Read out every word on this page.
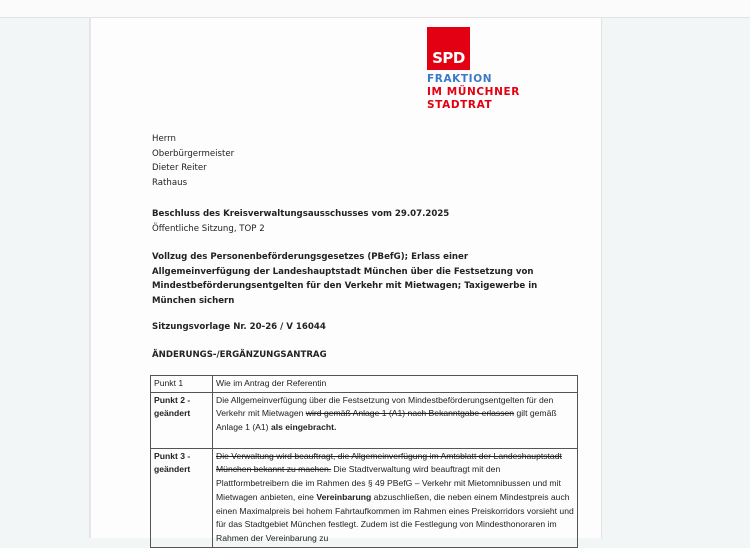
SPD
FRAKTION
IM MÜNCHNER
STADTRAT
Herrn
Oberbürgermeister
Dieter Reiter
Rathaus
Beschluss des Kreisverwaltungsausschusses vom 29.07.2025
Öffentliche Sitzung, TOP 2
Vollzug des Personenbeförderungsgesetzes (PBefG); Erlass einer
Allgemeinverfügung der Landeshauptstadt München über die Festsetzung von
Mindestbeförderungsentgelten für den Verkehr mit Mietwagen; Taxigewerbe in
München sichern
Sitzungsvorlage Nr. 20-26 / V 16044
ÄNDERUNGS-/ERGÄNZUNGSANTRAG
Punkt 1	Wie im Antrag der Referentin
Punkt 2 - geändert	Die Allgemeinverfügung über die Festsetzung von Mindestbeförderungsentgelten für den Verkehr mit Mietwagen wird gemäß Anlage 1 (A1) nach Bekanntgabe erlassen gilt gemäß Anlage 1 (A1) als eingebracht.
Punkt 3 - geändert	Die Verwaltung wird beauftragt, die Allgemeinverfügung im Amtsblatt der Landeshauptstadt München bekannt zu machen. Die Stadtverwaltung wird beauftragt mit den Plattformbetreibern die im Rahmen des § 49 PBefG – Verkehr mit Mietomnibussen und mit Mietwagen anbieten, eine Vereinbarung abzuschließen, die neben einem Mindestpreis auch einen Maximalpreis bei hohem Fahrtaufkommen im Rahmen eines Preiskorridors vorsieht und für das Stadtgebiet München festlegt. Zudem ist die Festlegung von Mindesthonoraren im Rahmen der Vereinbarung zu
